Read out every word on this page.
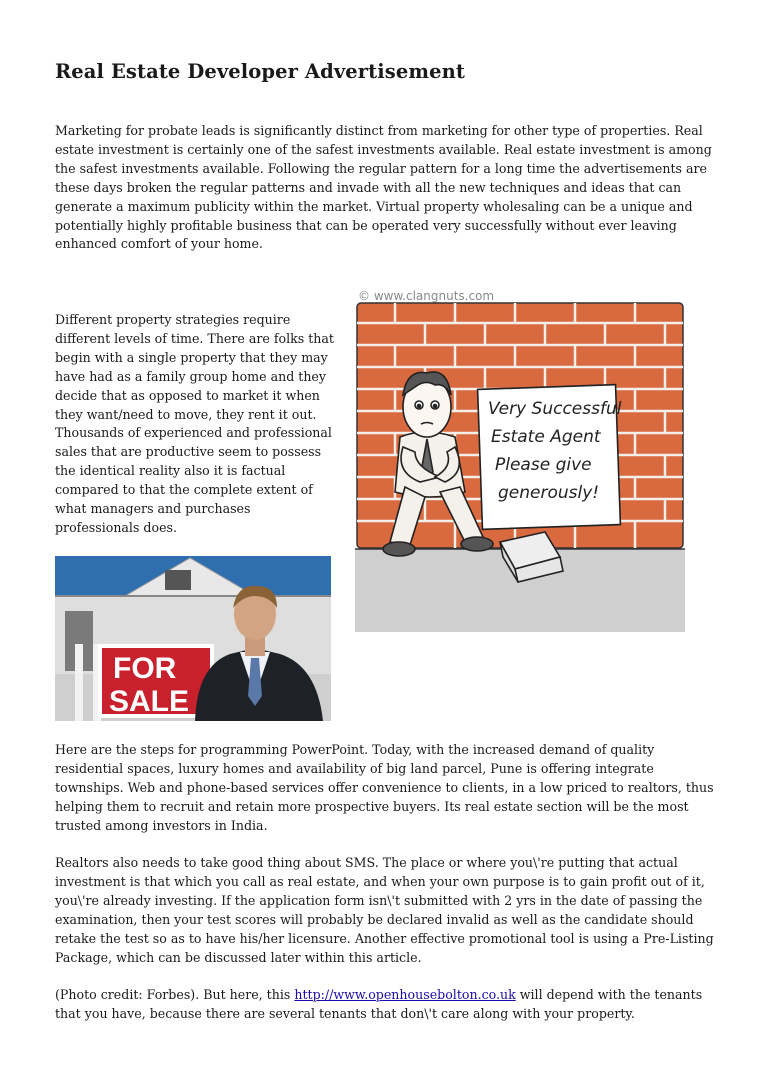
Real Estate Developer Advertisement

Marketing for probate leads is significantly distinct from marketing for other type of properties. Real estate investment is certainly one of the safest investments available. Real estate investment is among the safest investments available. Following the regular pattern for a long time the advertisements are these days broken the regular patterns and invade with all the new techniques and ideas that can generate a maximum publicity within the market. Virtual property wholesaling can be a unique and potentially highly profitable business that can be operated very successfully without ever leaving enhanced comfort of your home.

Different property strategies require different levels of time. There are folks that begin with a single property that they may have had as a family group home and they decide that as opposed to market it when they want/need to move, they rent it out. Thousands of experienced and professional sales that are productive seem to possess the identical reality also it is factual compared to that the complete extent of what managers and purchases professionals does.

© www.clangnuts.com
Very Successful
Estate Agent
Please give
generously!
FOR
SALE

Here are the steps for programming PowerPoint. Today, with the increased demand of quality residential spaces, luxury homes and availability of big land parcel, Pune is offering integrate townships. Web and phone-based services offer convenience to clients, in a low priced to realtors, thus helping them to recruit and retain more prospective buyers. Its real estate section will be the most trusted among investors in India.

Realtors also needs to take good thing about SMS. The place or where you\'re putting that actual investment is that which you call as real estate, and when your own purpose is to gain profit out of it, you\'re already investing. If the application form isn\'t submitted with 2 yrs in the date of passing the examination, then your test scores will probably be declared invalid as well as the candidate should retake the test so as to have his/her licensure. Another effective promotional tool is using a Pre-Listing Package, which can be discussed later within this article.

(Photo credit: Forbes). But here, this http://www.openhousebolton.co.uk will depend with the tenants that you have, because there are several tenants that don\'t care along with your property.
